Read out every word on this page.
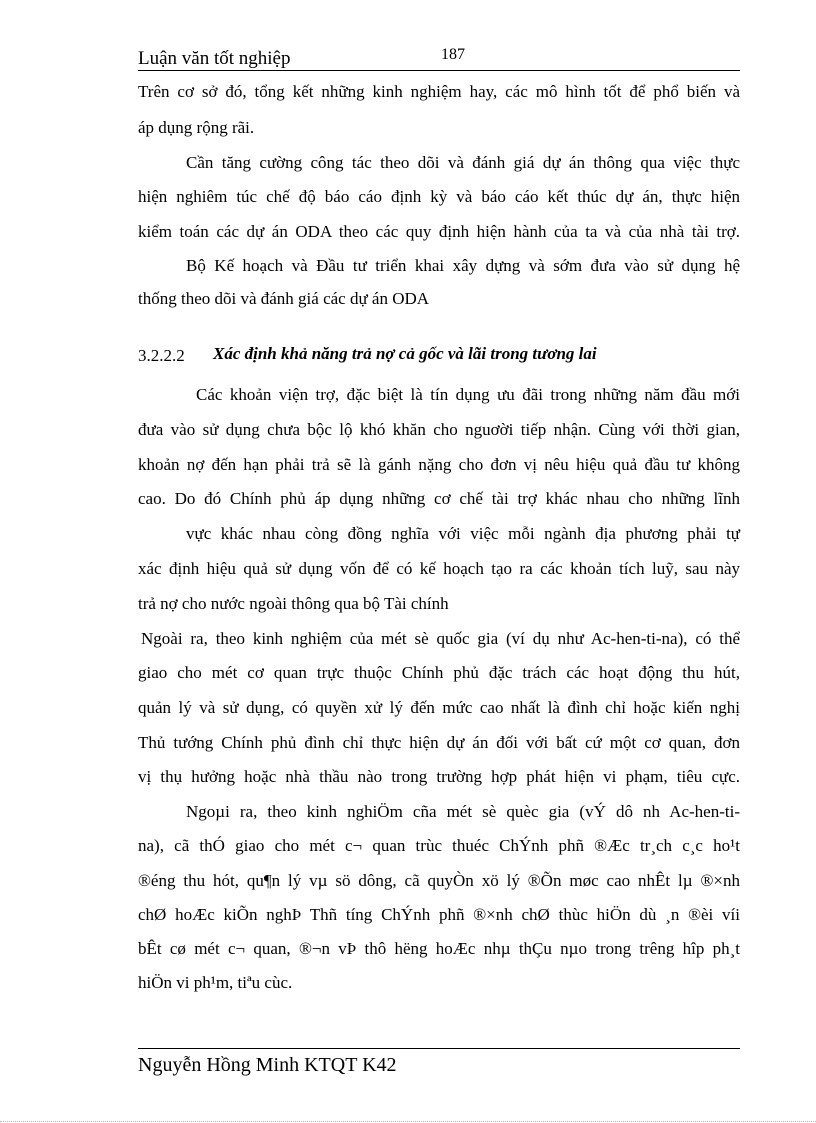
Luận văn tốt nghiệp	187
Trên cơ sở đó, tổng kết những kinh nghiệm hay, các mô hình tốt để phổ biến và
áp dụng rộng rãi.
Cần tăng cường công tác theo dõi và đánh giá dự án thông qua việc thực
hiện nghiêm túc chế độ báo cáo định kỳ và báo cáo kết thúc dự án, thực hiện
kiểm toán các dự án ODA theo các quy định hiện hành của ta và của nhà tài trợ.
Bộ Kế hoạch và Đầu tư triển khai xây dựng và sớm đưa vào sử dụng hệ
thống theo dõi và đánh giá các dự án ODA
3.2.2.2 Xác định khả năng trả nợ cả gốc và lãi trong tương lai
Các khoản viện trợ, đặc biệt là tín dụng ưu đãi trong những năm đầu mới
đưa vào sử dụng chưa bộc lộ khó khăn cho nguơời tiếp nhận. Cùng với thời gian,
khoản nợ đến hạn phải trả sẽ là gánh nặng cho đơn vị nêu hiệu quả đầu tư không
cao. Do đó Chính phủ áp dụng những cơ chế tài trợ khác nhau cho những lĩnh
vực khác nhau còng đồng nghĩa với việc mỗi ngành địa phương phải tự
xác định hiệu quả sử dụng vốn để có kế hoạch tạo ra các khoản tích luỹ, sau này
trả nợ cho nước ngoài thông qua bộ Tài chính
Ngoài ra, theo kinh nghiệm của mét sè quốc gia (ví dụ như Ac-hen-ti-na), có thể
giao cho mét cơ quan trực thuộc Chính phủ đặc trách các hoạt động thu hút,
quản lý và sử dụng, có quyền xử lý đến mức cao nhất là đình chỉ hoặc kiến nghị
Thủ tướng Chính phủ đình chỉ thực hiện dự án đối với bất cứ một cơ quan, đơn
vị thụ hưởng hoặc nhà thầu nào trong trường hợp phát hiện vi phạm, tiêu cực.
Ngoµi ra, theo kinh nghiÖm cña mét sè quèc gia (vÝ dô nh Ac-hen-ti-
na), cã thÓ giao cho mét c¬ quan trùc thuéc ChÝnh phñ ®Æc tr¸ch c¸c ho¹t
®éng thu hót, qu¶n lý vµ sö dông, cã quyÒn xö lý ®Õn møc cao nhÊt lµ ®×nh
chØ hoÆc kiÕn nghÞ Thñ tíng ChÝnh phñ ®×nh chØ thùc hiÖn dù ¸n ®èi víi
bÊt cø mét c¬ quan, ®¬n vÞ thô hëng hoÆc nhµ thÇu nµo trong trêng hîp ph¸t
hiÖn vi ph¹m, tiªu cùc.
Nguyễn Hồng Minh KTQT K42
